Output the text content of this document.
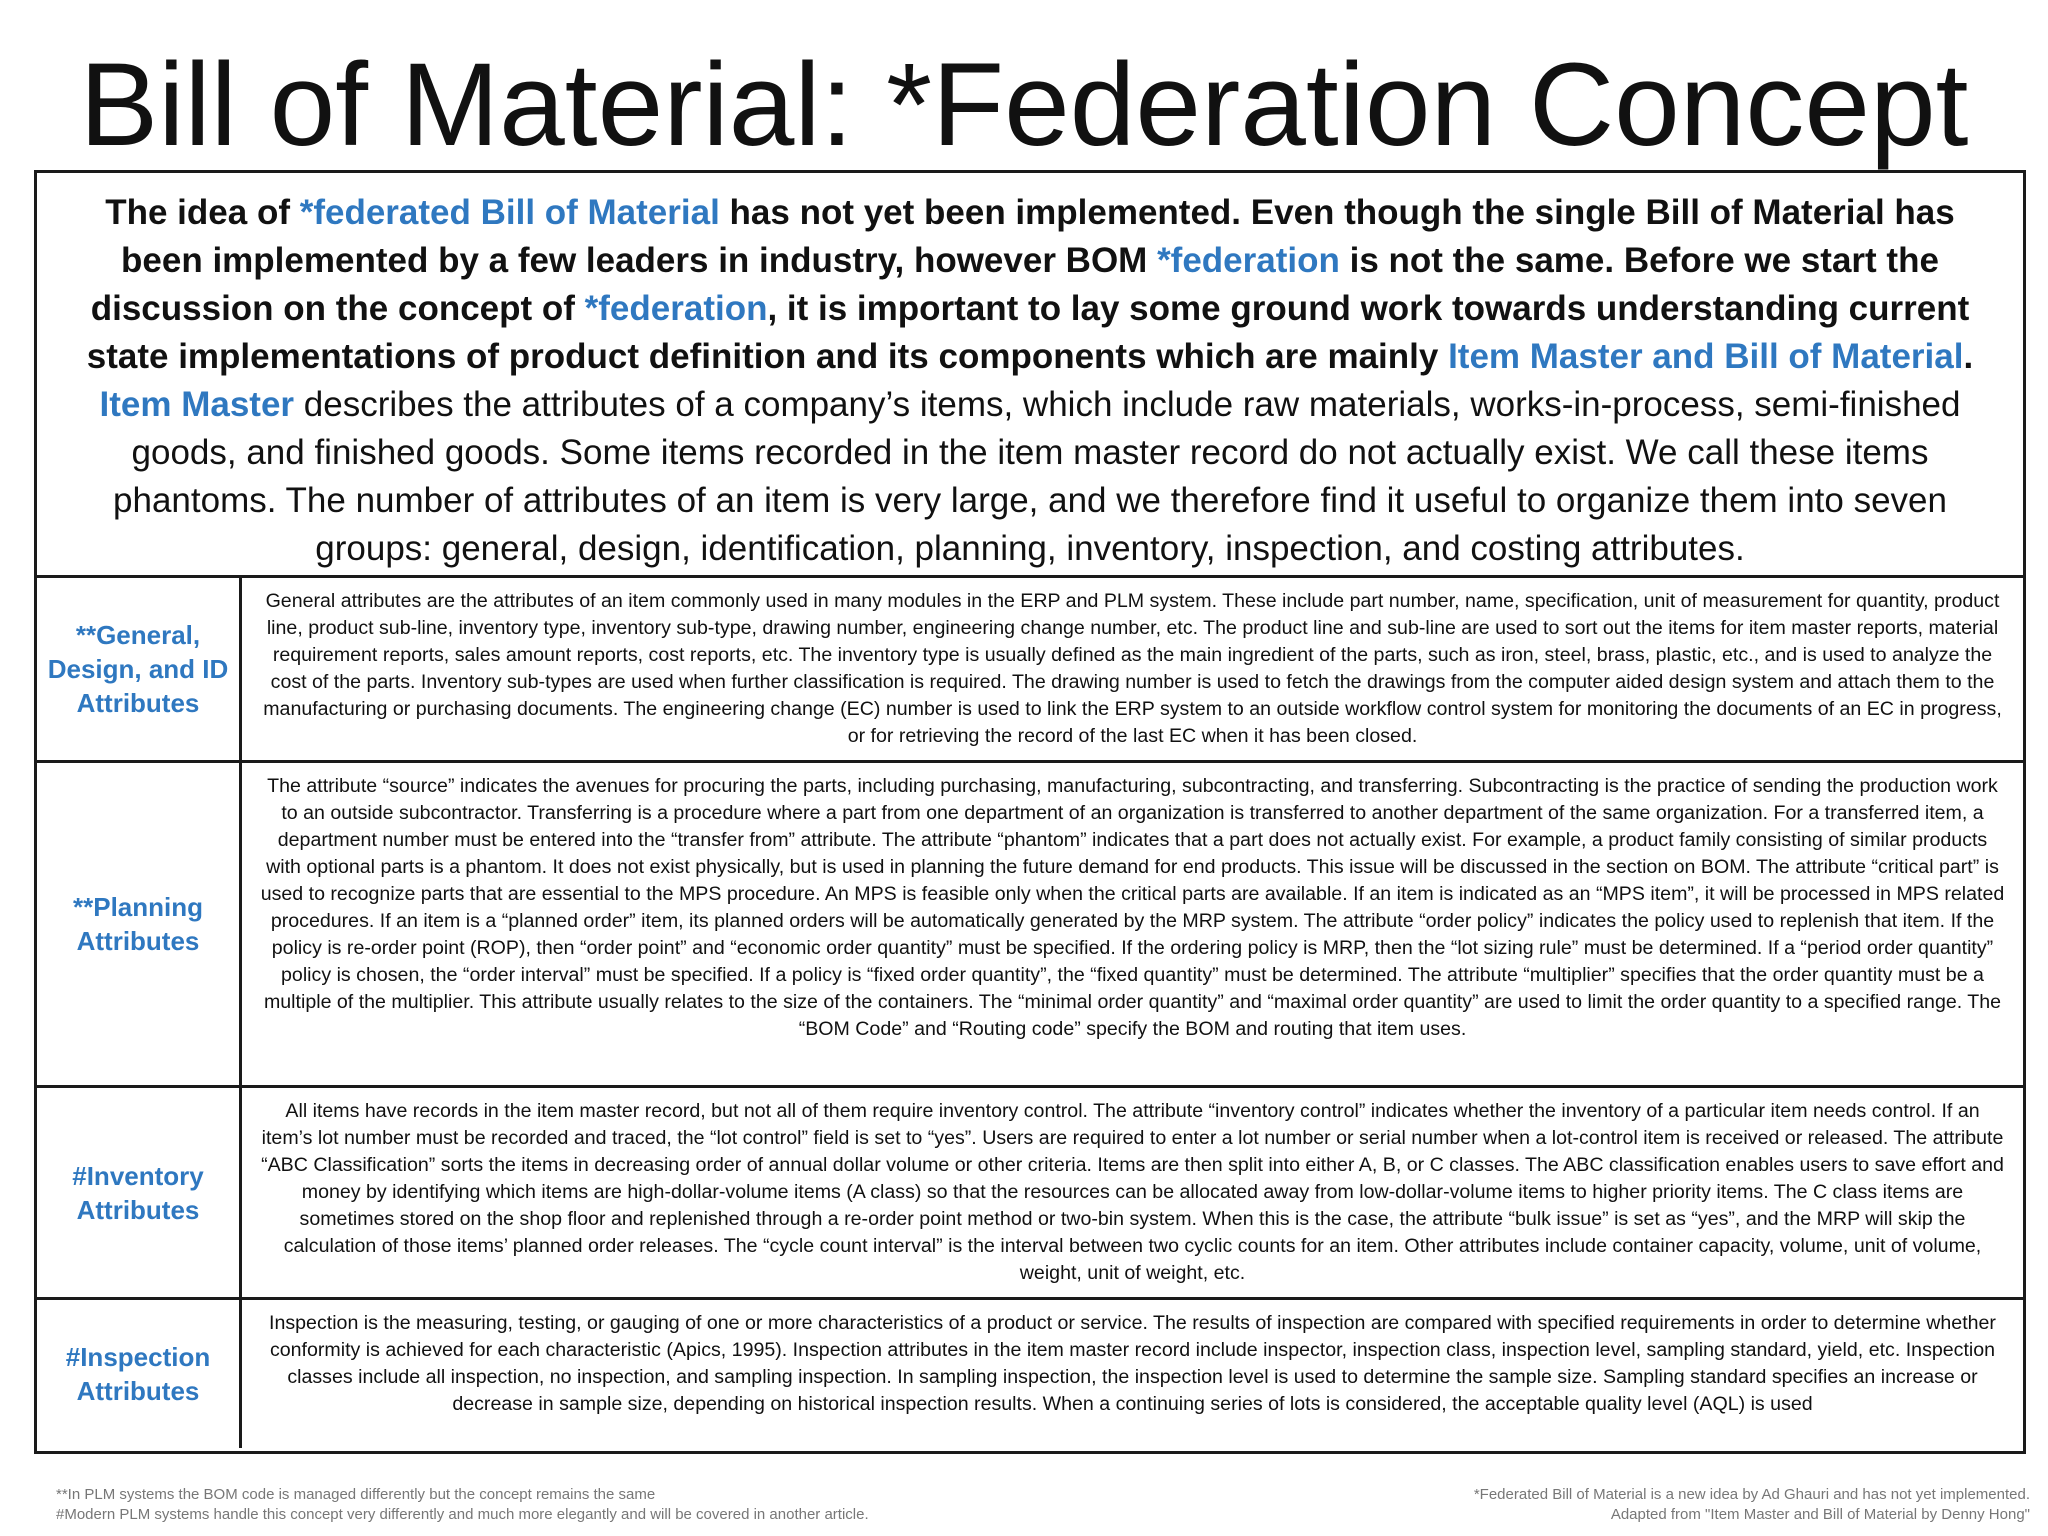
Bill of Material: *Federation Concept
The idea of *federated Bill of Material has not yet been implemented. Even though the single Bill of Material has been implemented by a few leaders in industry, however BOM *federation is not the same. Before we start the discussion on the concept of *federation, it is important to lay some ground work towards understanding current state implementations of product definition and its components which are mainly Item Master and Bill of Material.
Item Master describes the attributes of a company’s items, which include raw materials, works-in-process, semi-finished goods, and finished goods. Some items recorded in the item master record do not actually exist. We call these items phantoms. The number of attributes of an item is very large, and we therefore find it useful to organize them into seven groups: general, design, identification, planning, inventory, inspection, and costing attributes.
**General, Design, and ID Attributes
General attributes are the attributes of an item commonly used in many modules in the ERP and PLM system. These include part number, name, specification, unit of measurement for quantity, product line, product sub-line, inventory type, inventory sub-type, drawing number, engineering change number, etc. The product line and sub-line are used to sort out the items for item master reports, material requirement reports, sales amount reports, cost reports, etc. The inventory type is usually defined as the main ingredient of the parts, such as iron, steel, brass, plastic, etc., and is used to analyze the cost of the parts. Inventory sub-types are used when further classification is required. The drawing number is used to fetch the drawings from the computer aided design system and attach them to the manufacturing or purchasing documents. The engineering change (EC) number is used to link the ERP system to an outside workflow control system for monitoring the documents of an EC in progress, or for retrieving the record of the last EC when it has been closed.
**Planning Attributes
The attribute “source” indicates the avenues for procuring the parts, including purchasing, manufacturing, subcontracting, and transferring. Subcontracting is the practice of sending the production work to an outside subcontractor. Transferring is a procedure where a part from one department of an organization is transferred to another department of the same organization. For a transferred item, a department number must be entered into the “transfer from” attribute. The attribute “phantom” indicates that a part does not actually exist. For example, a product family consisting of similar products with optional parts is a phantom. It does not exist physically, but is used in planning the future demand for end products. This issue will be discussed in the section on BOM. The attribute “critical part” is used to recognize parts that are essential to the MPS procedure. An MPS is feasible only when the critical parts are available. If an item is indicated as an “MPS item”, it will be processed in MPS related procedures. If an item is a “planned order” item, its planned orders will be automatically generated by the MRP system. The attribute “order policy” indicates the policy used to replenish that item. If the policy is re-order point (ROP), then “order point” and “economic order quantity” must be specified. If the ordering policy is MRP, then the “lot sizing rule” must be determined. If a “period order quantity” policy is chosen, the “order interval” must be specified. If a policy is “fixed order quantity”, the “fixed quantity” must be determined. The attribute “multiplier” specifies that the order quantity must be a multiple of the multiplier. This attribute usually relates to the size of the containers. The “minimal order quantity” and “maximal order quantity” are used to limit the order quantity to a specified range. The “BOM Code” and “Routing code” specify the BOM and routing that item uses.
#Inventory Attributes
All items have records in the item master record, but not all of them require inventory control. The attribute “inventory control” indicates whether the inventory of a particular item needs control. If an item’s lot number must be recorded and traced, the “lot control” field is set to “yes”. Users are required to enter a lot number or serial number when a lot-control item is received or released. The attribute “ABC Classification” sorts the items in decreasing order of annual dollar volume or other criteria. Items are then split into either A, B, or C classes. The ABC classification enables users to save effort and money by identifying which items are high-dollar-volume items (A class) so that the resources can be allocated away from low-dollar-volume items to higher priority items. The C class items are sometimes stored on the shop floor and replenished through a re-order point method or two-bin system. When this is the case, the attribute “bulk issue” is set as “yes”, and the MRP will skip the calculation of those items’ planned order releases. The “cycle count interval” is the interval between two cyclic counts for an item. Other attributes include container capacity, volume, unit of volume, weight, unit of weight, etc.
#Inspection Attributes
Inspection is the measuring, testing, or gauging of one or more characteristics of a product or service. The results of inspection are compared with specified requirements in order to determine whether conformity is achieved for each characteristic (Apics, 1995). Inspection attributes in the item master record include inspector, inspection class, inspection level, sampling standard, yield, etc. Inspection classes include all inspection, no inspection, and sampling inspection. In sampling inspection, the inspection level is used to determine the sample size. Sampling standard specifies an increase or decrease in sample size, depending on historical inspection results. When a continuing series of lots is considered, the acceptable quality level (AQL) is used
**In PLM systems the BOM code is managed differently but the concept remains the same
#Modern PLM systems handle this concept very differently and much more elegantly and will be covered in another article.
*Federated Bill of Material is a new idea by Ad Ghauri and has not yet implemented.
Adapted from "Item Master and Bill of Material by Denny Hong"
